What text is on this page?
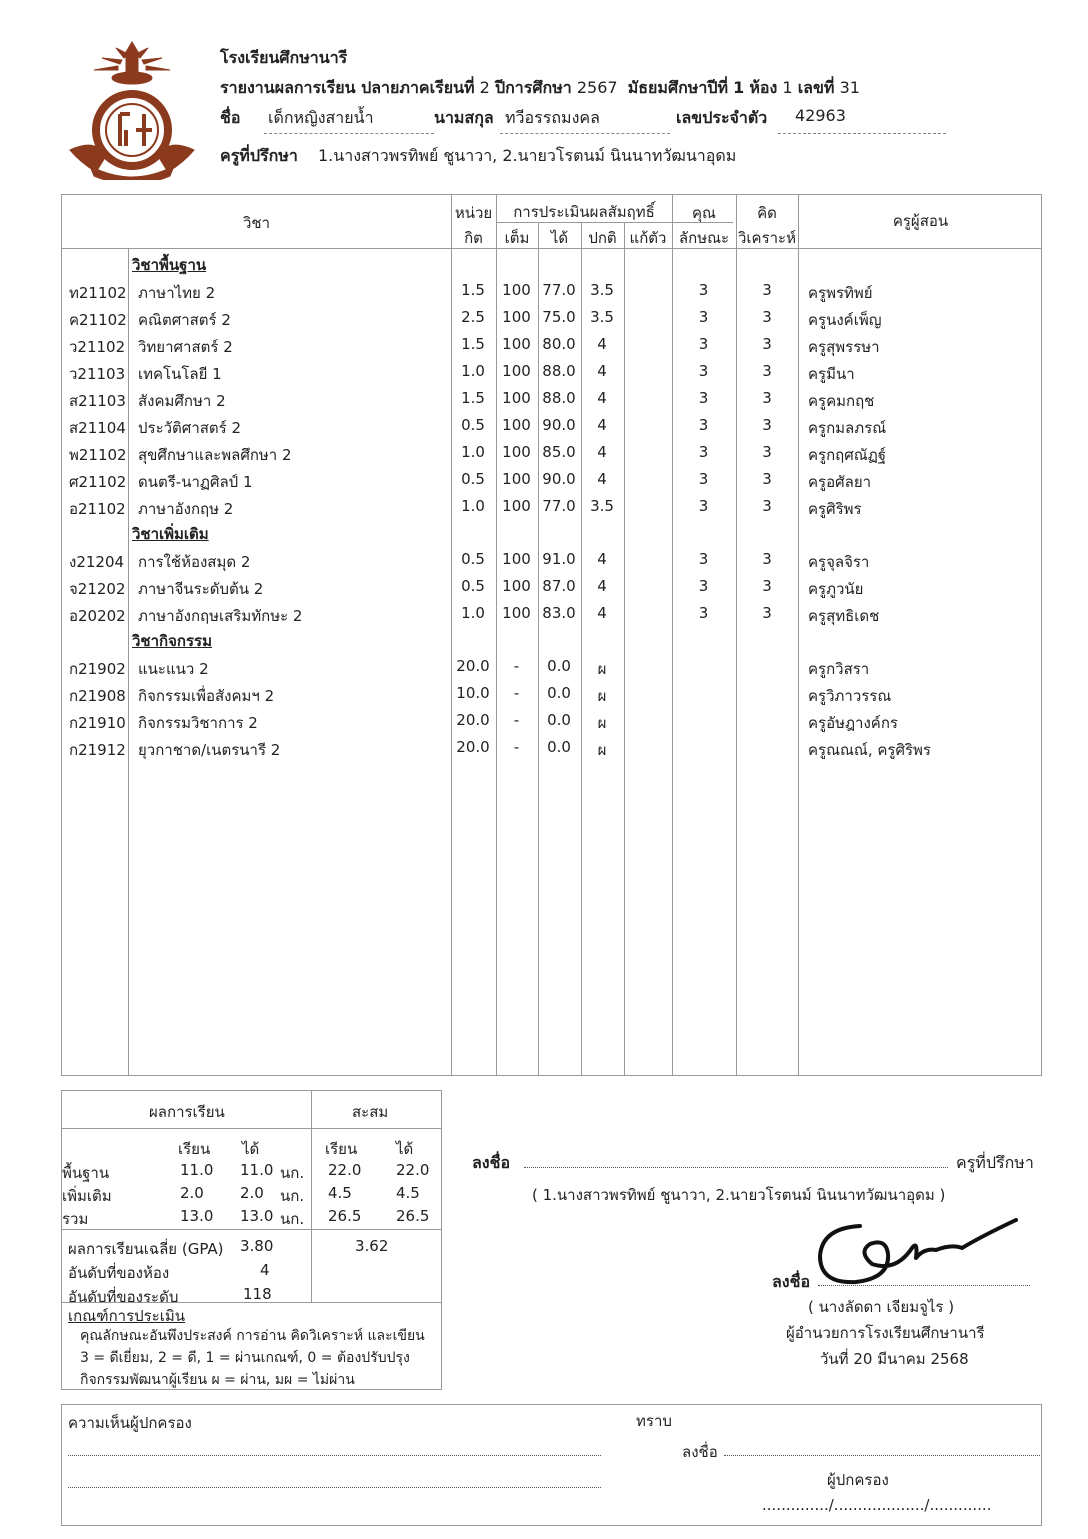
โรงเรียนศึกษานารี
รายงานผลการเรียน ปลายภาคเรียนที่ 2 ปีการศึกษา 2567 มัธยมศึกษาปีที่ 1 ห้อง 1 เลขที่ 31
ชื่อ เด็กหญิงสายน้ำ	นามสกุล ทวีอรรถมงคล	เลขประจำตัว 42963
ครูที่ปรึกษา 1.นางสาวพรทิพย์ ชูนาวา, 2.นายวโรตนม์ นินนาทวัฒนาอุดม
วิชา
หน่วย
กิต
การประเมินผลสัมฤทธิ์
เต็ม	ได้	ปกติ แก้ตัว
คุณ
ลักษณะ
คิด
วิเคราะห์
ครูผู้สอน
วิชาพื้นฐาน
ท21102 ภาษาไทย 2	1.5	100 77.0 3.5	3	3	ครูพรทิพย์
ค21102 คณิตศาสตร์ 2	2.5	100 75.0 3.5	3	3	ครูนงค์เพ็ญ
ว21102 วิทยาศาสตร์ 2	1.5	100 80.0	4	3	3	ครูสุพรรษา
ว21103 เทคโนโลยี 1	1.0	100 88.0	4	3	3	ครูมีนา
ส21103 สังคมศึกษา 2	1.5	100 88.0	4	3	3	ครูคมกฤช
ส21104 ประวัติศาสตร์ 2	0.5	100 90.0	4	3	3	ครูกมลภรณ์
พ21102 สุขศึกษาและพลศึกษา 2	1.0	100 85.0	4	3	3	ครูกฤศณัฏฐ์
ศ21102 ดนตรี-นาฏศิลป์ 1	0.5	100 90.0	4	3	3	ครูอศัลยา
อ21102 ภาษาอังกฤษ 2	1.0	100 77.0 3.5	3	3	ครูศิริพร
วิชาเพิ่มเติม
ง21204 การใช้ห้องสมุด 2	0.5	100 91.0	4	3	3	ครูจุลจิรา
จ21202 ภาษาจีนระดับต้น 2	0.5	100 87.0	4	3	3	ครูภูวนัย
อ20202 ภาษาอังกฤษเสริมทักษะ 2	1.0	100 83.0	4	3	3	ครูสุทธิเดช
วิชากิจกรรม
ก21902 แนะแนว 2	20.0	-	0.0	ผ	ครูกวิสรา
ก21908 กิจกรรมเพื่อสังคมฯ 2	10.0	-	0.0	ผ	ครูวิภาวรรณ
ก21910 กิจกรรมวิชาการ 2	20.0	-	0.0	ผ	ครูอัษฎางค์กร
ก21912 ยุวกาชาด/เนตรนารี 2	20.0	-	0.0	ผ	ครูณณณ์, ครูศิริพร
ผลการเรียน	สะสม
เรียน ได้	เรียน	ได้
พื้นฐาน	11.0 11.0 นก. 22.0 22.0
เพิ่มเติม	2.0 2.0 นก. 4.5	4.5
รวม	13.0 13.0 นก. 26.5 26.5
ผลการเรียนเฉลี่ย (GPA) 3.80	3.62
อันดับที่ของห้อง	4
อันดับที่ของระดับ	118
เกณฑ์การประเมิน
คุณลักษณะอันพึงประสงค์ การอ่าน คิดวิเคราะห์ และเขียน
3 = ดีเยี่ยม, 2 = ดี, 1 = ผ่านเกณฑ์, 0 = ต้องปรับปรุง
กิจกรรมพัฒนาผู้เรียน ผ = ผ่าน, มผ = ไม่ผ่าน
ลงชื่อ	ครูที่ปรึกษา
( 1.นางสาวพรทิพย์ ชูนาวา, 2.นายวโรตนม์ นินนาทวัฒนาอุดม )
ลงชื่อ
( นางลัดดา เจียมจูไร )
ผู้อำนวยการโรงเรียนศึกษานารี
วันที่ 20 มีนาคม 2568
ความเห็นผู้ปกครอง	ทราบ
ลงชื่อ
ผู้ปกครอง
............../.................../.............
